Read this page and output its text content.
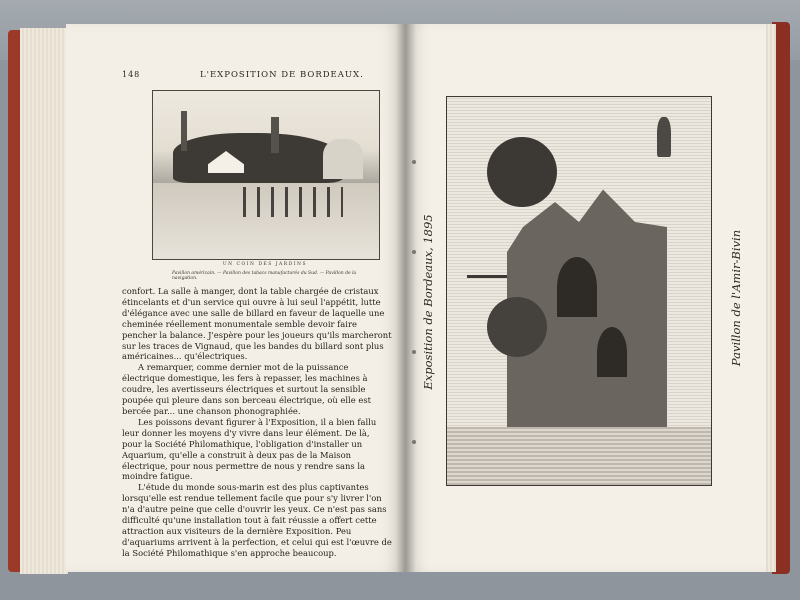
148	L'EXPOSITION DE BORDEAUX.
UN COIN DES JARDINS
Pavillon américain. — Pavillon des tabacs manufacturés du Sud. — Pavillon de la navigation.

confort. La salle à manger, dont la table chargée de cristaux étincelants et d'un service qui ouvre à lui seul l'appétit, lutte d'élégance avec une salle de billard en faveur de laquelle une cheminée réellement monumentale semble devoir faire pencher la balance. J'espère pour les joueurs qu'ils marcheront sur les traces de Vignaud, que les bandes du billard sont plus américaines... qu'électriques.

A remarquer, comme dernier mot de la puissance électrique domestique, les fers à repasser, les machines à coudre, les avertisseurs électriques et surtout la sensible poupée qui pleure dans son berceau électrique, où elle est bercée par... une chanson phonographiée.

Les poissons devant figurer à l'Exposition, il a bien fallu leur donner les moyens d'y vivre dans leur élément. De là, pour la Société Philomathique, l'obligation d'installer un Aquarium, qu'elle a construit à deux pas de la Maison électrique, pour nous permettre de nous y rendre sans la moindre fatigue.

L'étude du monde sous-marin est des plus captivantes lorsqu'elle est rendue tellement facile que pour s'y livrer l'on n'a d'autre peine que celle d'ouvrir les yeux. Ce n'est pas sans difficulté qu'une installation tout à fait réussie a offert cette attraction aux visiteurs de la dernière Exposition. Peu d'aquariums arrivent à la perfection, et celui qui est l'œuvre de la Société Philomathique s'en approche beaucoup.

Exposition de Bordeaux, 1895	Pavillon de l'Amir-Bivin
